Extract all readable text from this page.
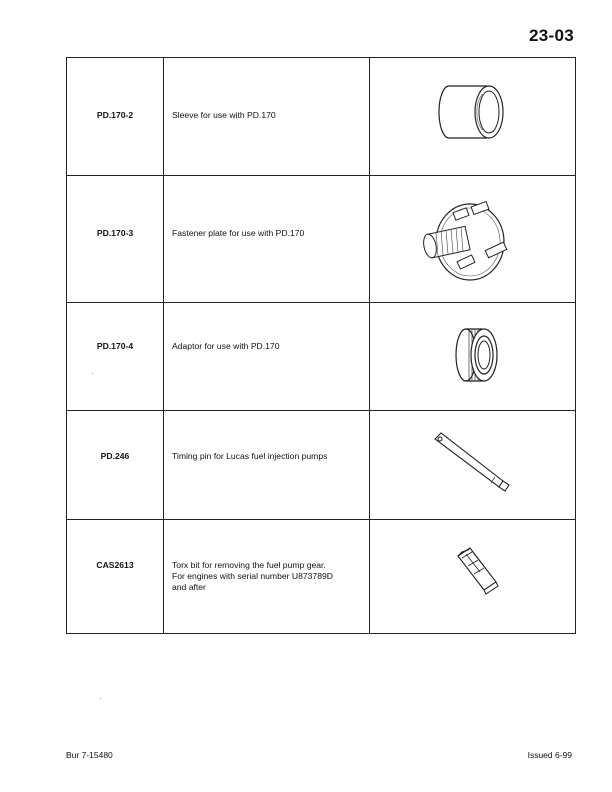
23-03
PD.170-2	Sleeve for use with PD.170

PD.170-3	Fastener plate for use with PD.170

PD.170-4	Adaptor for use with PD.170

PD.246	Timing pin for Lucas fuel injection pumps

CAS2613	Torx bit for removing the fuel pump gear.
For engines with serial number U873789D
and after

Bur 7-15480	Issued 6-99
